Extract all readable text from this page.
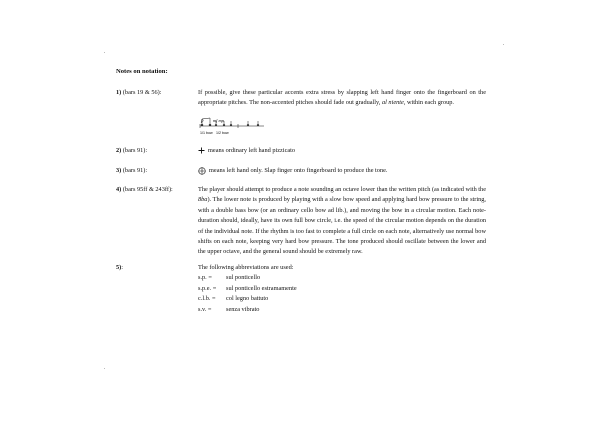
Notes on notation:
1) (bars 19 & 56):	If possible, give these particular accents extra stress by slapping left hand finger onto the fingerboard on the appropriate pitches. The non-accented pitches should fade out gradually, al niente, within each group.

p mf mp
1/1 bow 1/2 bow
2) (bars 91):	means ordinary left hand pizzicato

3) (bars 91):	means left hand only. Slap finger onto fingerboard to produce the tone.

4) (bars 95ff & 243ff):	The player should attempt to produce a note sounding an octave lower than the written pitch (as indicated with the 8ba). The lower note is produced by playing with a slow bow speed and applying hard bow pressure to the string, with a double bass bow (or an ordinary cello bow ad lib.), and moving the bow in a circular motion. Each note-duration should, ideally, have its own full bow circle, i.e. the speed of the circular motion depends on the duration of the individual note. If the rhythm is too fast to complete a full circle on each note, alternatively use normal bow shifts on each note, keeping very hard bow pressure. The tone produced should oscillate between the lower and the upper octave, and the general sound should be extremely raw.

5):	The following abbreviations are used:

s.p. =	sul ponticello
s.p.e. =	sul ponticello estramamente
c.l.b. =	col legno battuto
s.v. =	senza vibrato
